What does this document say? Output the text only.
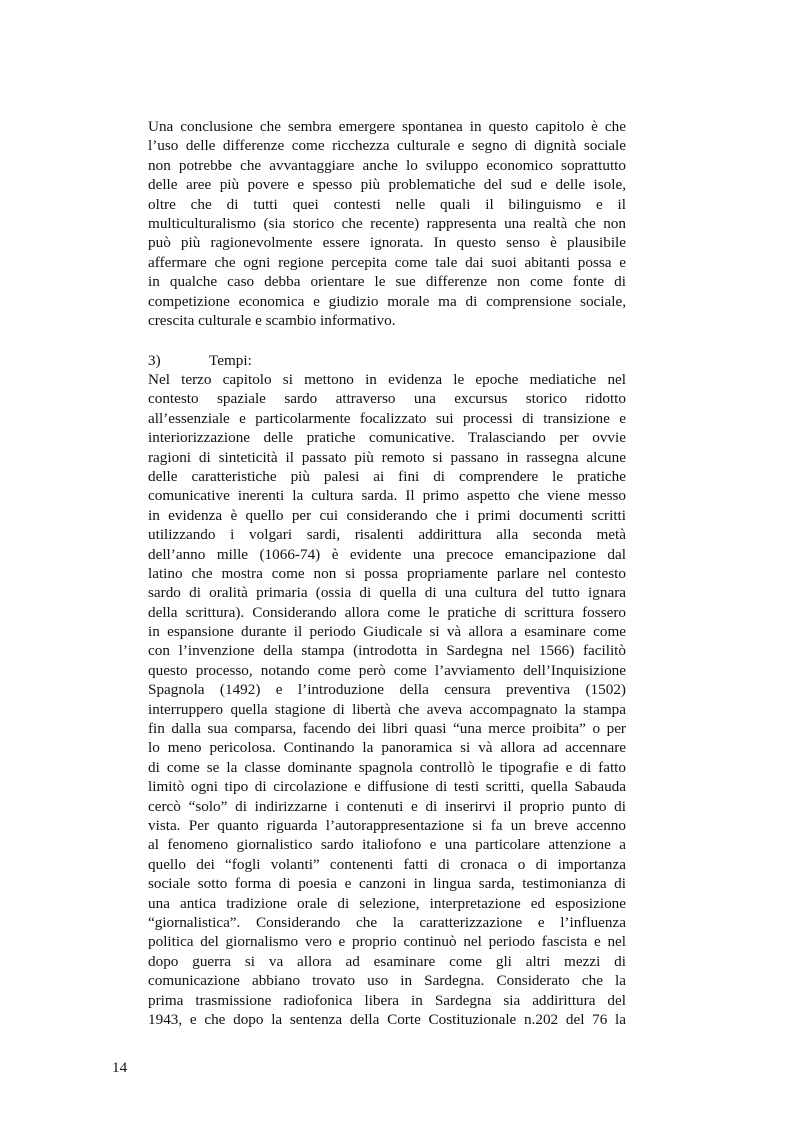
Una conclusione che sembra emergere spontanea in questo capitolo è che
l’uso delle differenze come ricchezza culturale e segno di dignità sociale
non potrebbe che avvantaggiare anche lo sviluppo economico soprattutto
delle aree più povere e spesso più problematiche del sud e delle isole,
oltre che di tutti quei contesti nelle quali il bilinguismo e il
multiculturalismo (sia storico che recente) rappresenta una realtà che non
può più ragionevolmente essere ignorata. In questo senso è plausibile
affermare che ogni regione percepita come tale dai suoi abitanti possa e
in qualche caso debba orientare le sue differenze non come fonte di
competizione economica e giudizio morale ma di comprensione sociale,
crescita culturale e scambio informativo.
3)	Tempi:
Nel terzo capitolo si mettono in evidenza le epoche mediatiche nel
contesto spaziale sardo attraverso una excursus storico ridotto
all’essenziale e particolarmente focalizzato sui processi di transizione e
interiorizzazione delle pratiche comunicative. Tralasciando per ovvie
ragioni di sinteticità il passato più remoto si passano in rassegna alcune
delle caratteristiche più palesi ai fini di comprendere le pratiche
comunicative inerenti la cultura sarda. Il primo aspetto che viene messo
in evidenza è quello per cui considerando che i primi documenti scritti
utilizzando i volgari sardi, risalenti addirittura alla seconda metà
dell’anno mille (1066-74) è evidente una precoce emancipazione dal
latino che mostra come non si possa propriamente parlare nel contesto
sardo di oralità primaria (ossia di quella di una cultura del tutto ignara
della scrittura). Considerando allora come le pratiche di scrittura fossero
in espansione durante il periodo Giudicale si và allora a esaminare come
con l’invenzione della stampa (introdotta in Sardegna nel 1566) facilitò
questo processo, notando come però come l’avviamento dell’Inquisizione
Spagnola (1492) e l’introduzione della censura preventiva (1502)
interruppero quella stagione di libertà che aveva accompagnato la stampa
fin dalla sua comparsa, facendo dei libri quasi “una merce proibita” o per
lo meno pericolosa. Continando la panoramica si và allora ad accennare
di come se la classe dominante spagnola controllò le tipografie e di fatto
limitò ogni tipo di circolazione e diffusione di testi scritti, quella Sabauda
cercò “solo” di indirizzarne i contenuti e di inserirvi il proprio punto di
vista. Per quanto riguarda l’autorappresentazione si fa un breve accenno
al fenomeno giornalistico sardo italiofono e una particolare attenzione a
quello dei “fogli volanti” contenenti fatti di cronaca o di importanza
sociale sotto forma di poesia e canzoni in lingua sarda, testimonianza di
una antica tradizione orale di selezione, interpretazione ed esposizione
“giornalistica”. Considerando che la caratterizzazione e l’influenza
politica del giornalismo vero e proprio continuò nel periodo fascista e nel
dopo guerra si va allora ad esaminare come gli altri mezzi di
comunicazione abbiano trovato uso in Sardegna. Considerato che la
prima trasmissione radiofonica libera in Sardegna sia addirittura del
1943, e che dopo la sentenza della Corte Costituzionale n.202 del 76 la
14
